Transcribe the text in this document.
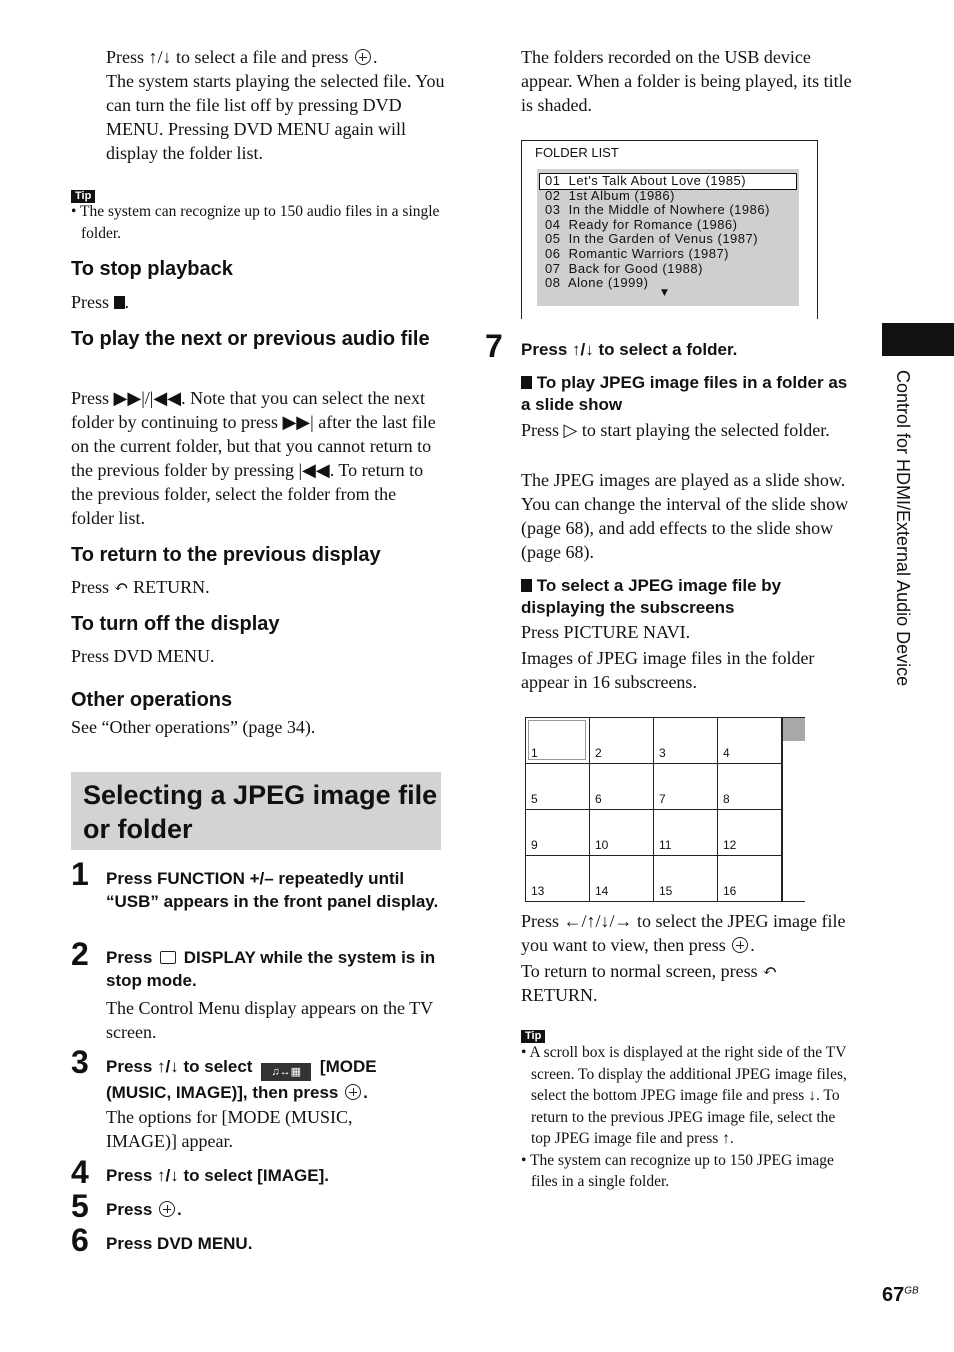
Press ↑/↓ to select a file and press .
The system starts playing the selected file. You can turn the file list off by pressing DVD MENU. Pressing DVD MENU again will display the folder list.
Tip
• The system can recognize up to 150 audio files in a single folder.
To stop playback
Press .
To play the next or previous audio file
Press ▶▶|/|◀◀. Note that you can select the next folder by continuing to press ▶▶| after the last file on the current folder, but that you cannot return to the previous folder by pressing |◀◀. To return to the previous folder, select the folder from the folder list.
To return to the previous display
Press ↶ RETURN.
To turn off the display
Press DVD MENU.
Other operations
See “Other operations” (page 34).
Selecting a JPEG image file or folder
1 Press FUNCTION +/– repeatedly until “USB” appears in the front panel display.
2 Press  DISPLAY while the system is in stop mode.
The Control Menu display appears on the TV screen.
3 Press ↑/↓ to select ♫↔▦ [MODE (MUSIC, IMAGE)], then press .
The options for [MODE (MUSIC, IMAGE)] appear.
4 Press ↑/↓ to select [IMAGE].
5 Press .
6 Press DVD MENU.
The folders recorded on the USB device appear. When a folder is being played, its title is shaded.
FOLDER LIST
01  Let's Talk About Love (1985)
02  1st Album (1986)
03  In the Middle of Nowhere (1986)
04  Ready for Romance (1986)
05  In the Garden of Venus (1987)
06  Romantic Warriors (1987)
07  Back for Good (1988)
08  Alone (1999)
▼
7 Press ↑/↓ to select a folder.
To play JPEG image files in a folder as a slide show
Press ▷ to start playing the selected folder.
The JPEG images are played as a slide show. You can change the interval of the slide show (page 68), and add effects to the slide show (page 68).
To select a JPEG image file by displaying the subscreens
Press PICTURE NAVI.
Images of JPEG image files in the folder appear in 16 subscreens.
1	2	3	4
5	6	7	8
9	10	11	12
13	14	15	16
Press ←/↑/↓/→ to select the JPEG image file you want to view, then press .
To return to normal screen, press ↶ RETURN.
Tip
• A scroll box is displayed at the right side of the TV screen. To display the additional JPEG image files, select the bottom JPEG image file and press ↓. To return to the previous JPEG image file, select the top JPEG image file and press ↑.
• The system can recognize up to 150 JPEG image files in a single folder.
Control for HDMI/External Audio Device
$67^{GB}$
